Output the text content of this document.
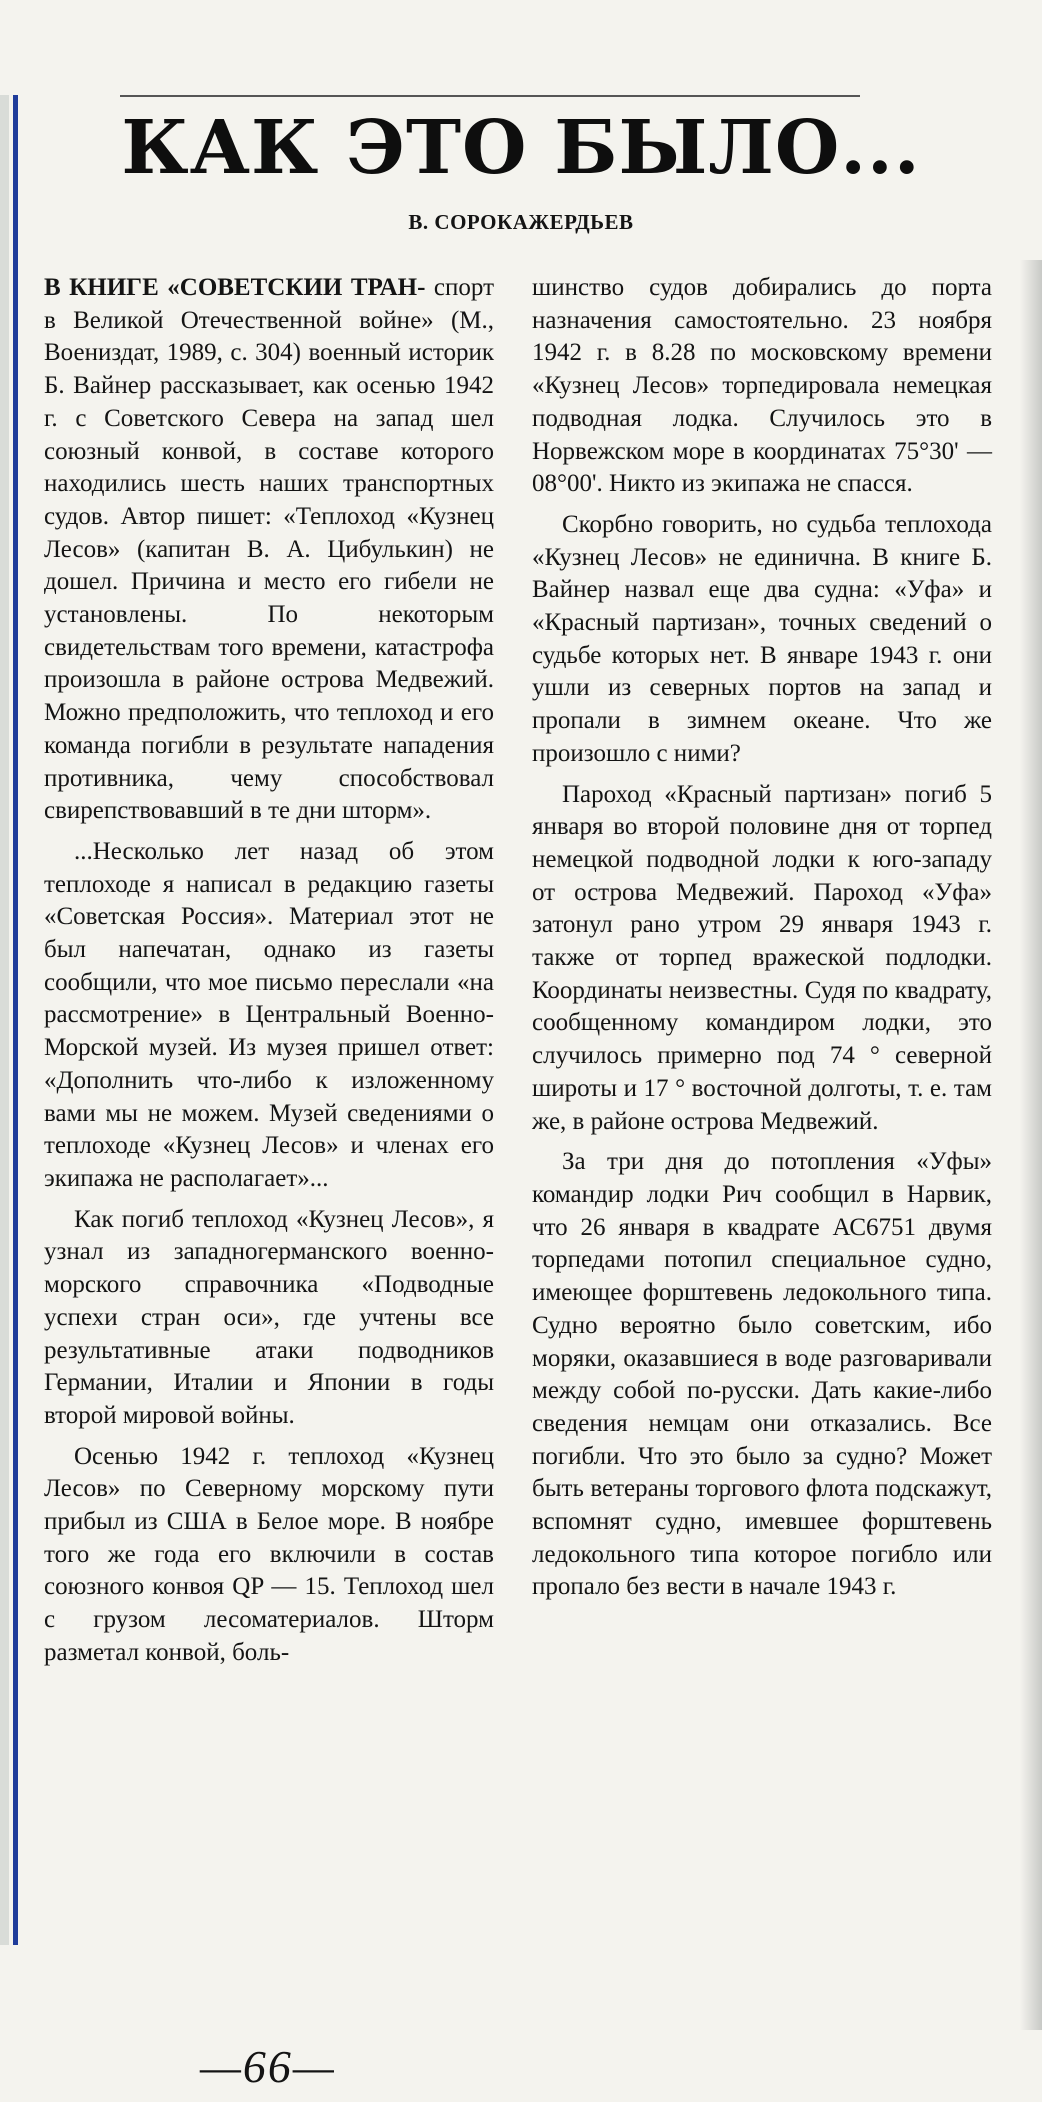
КАК ЭТО БЫЛО...
В. СОРОКАЖЕРДЬЕВ

В КНИГЕ «СОВЕТСКИИ ТРАН- спорт в Великой Отечественной войне» (М., Воениздат, 1989, с. 304) военный историк Б. Вайнер рассказывает, как осенью 1942 г. с Советского Севера на запад шел союзный конвой, в составе которого находились шесть наших транспортных судов. Автор пишет: «Теплоход «Кузнец Лесов» (капитан В. А. Цибулькин) не дошел. Причина и место его гибели не установлены. По некоторым свидетельствам того времени, катастрофа произошла в районе острова Медвежий. Можно предположить, что теплоход и его команда погибли в результате нападения противника, чему способствовал свирепствовавший в те дни шторм».

...Несколько лет назад об этом теплоходе я написал в редакцию газеты «Советская Россия». Материал этот не был напечатан, однако из газеты сообщили, что мое письмо переслали «на рассмотрение» в Центральный Военно-Морской музей. Из музея пришел ответ: «Дополнить что-либо к изложенному вами мы не можем. Музей сведениями о теплоходе «Кузнец Лесов» и членах его экипажа не располагает»...

Как погиб теплоход «Кузнец Лесов», я узнал из западногерманского военно-морского справочника «Подводные успехи стран оси», где учтены все результативные атаки подводников Германии, Италии и Японии в годы второй мировой войны.

Осенью 1942 г. теплоход «Кузнец Лесов» по Северному морскому пути прибыл из США в Белое море. В ноябре того же года его включили в состав союзного конвоя QP — 15. Теплоход шел с грузом лесоматериалов. Шторм разметал конвой, боль-

шинство судов добирались до порта назначения самостоятельно. 23 ноября 1942 г. в 8.28 по московскому времени «Кузнец Лесов» торпедировала немецкая подводная лодка. Случилось это в Норвежском море в координатах 75°30' — 08°00'. Никто из экипажа не спасся.

Скорбно говорить, но судьба теплохода «Кузнец Лесов» не единична. В книге Б. Вайнер назвал еще два судна: «Уфа» и «Красный партизан», точных сведений о судьбе которых нет. В январе 1943 г. они ушли из северных портов на запад и пропали в зимнем океане. Что же произошло с ними?

Пароход «Красный партизан» погиб 5 января во второй половине дня от торпед немецкой подводной лодки к юго-западу от острова Медвежий. Пароход «Уфа» затонул рано утром 29 января 1943 г. также от торпед вражеской подлодки. Координаты неизвестны. Судя по квадрату, сообщенному командиром лодки, это случилось примерно под 74 ° северной широты и 17 ° восточной долготы, т. е. там же, в районе острова Медвежий.

За три дня до потопления «Уфы» командир лодки Рич сообщил в Нарвик, что 26 января в квадрате АС6751 двумя торпедами потопил специальное судно, имеющее форштевень ледокольного типа. Судно вероятно было советским, ибо моряки, оказавшиеся в воде разговаривали между собой по-русски. Дать какие-либо сведения немцам они отказались. Все погибли. Что это было за судно? Может быть ветераны торгового флота подскажут, вспомнят судно, имевшее форштевень ледокольного типа которое погибло или пропало без вести в начале 1943 г.

—66—
